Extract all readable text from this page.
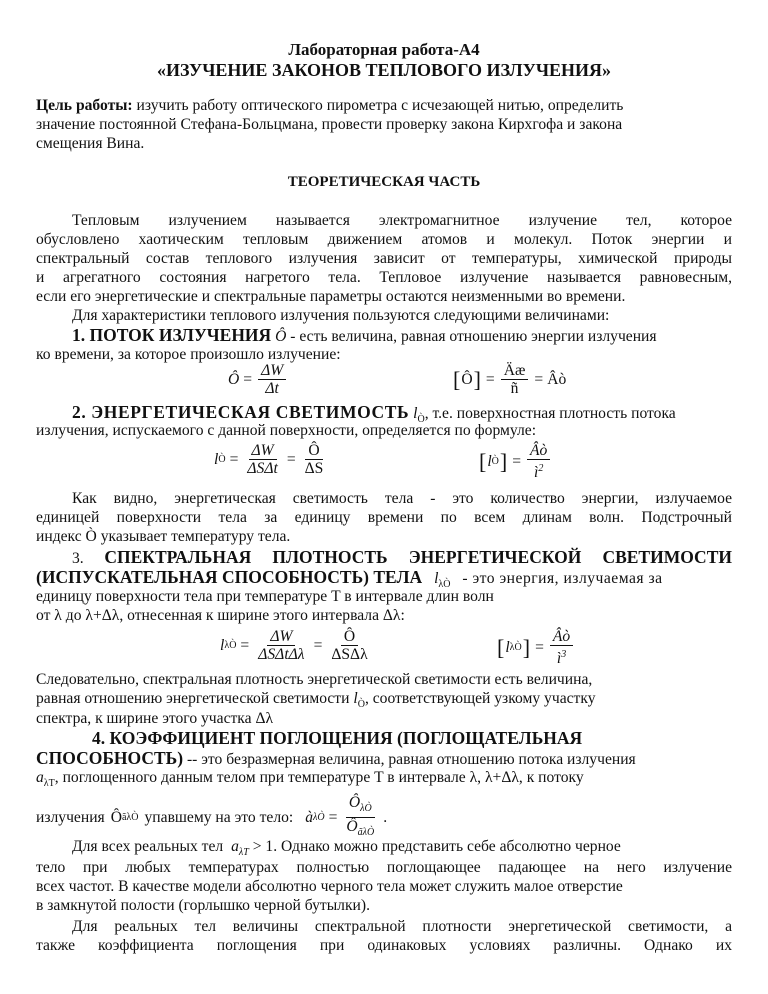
Лабораторная работа-А4
«ИЗУЧЕНИЕ ЗАКОНОВ ТЕПЛОВОГО ИЗЛУЧЕНИЯ»
Цель работы: изучить работу оптического пирометра с исчезающей нитью, определить
значение постоянной Стефана-Больцмана, провести проверку закона Кирхгофа и закона
смещения Вина.
ТЕОРЕТИЧЕСКАЯ ЧАСТЬ
Тепловым излучением называется электромагнитное излучение тел, которое
обусловлено хаотическим тепловым движением атомов и молекул. Поток энергии и
спектральный состав теплового излучения зависит от температуры, химической природы
и агрегатного состояния нагретого тела. Тепловое излучение называется равновесным,
если его энергетические и спектральные параметры остаются неизменными во времени.
Для характеристики теплового излучения пользуются следующими величинами:
1. ПОТОК ИЗЛУЧЕНИЯ Ô - есть величина, равная отношению энергии излучения
ко времени, за которое произошло излучение:
Ô = $\frac{\Delta W}{\Delta t}$	[ Ô ] = $\frac{Äæ}{ñ}$ = Âò
2. ЭНЕРГЕТИЧЕСКАЯ СВЕТИМОСТЬ $l_Ò$, т.е. поверхностная плотность потока
излучения, испускаемого с данной поверхности, определяется по формуле:
l Ò = $\frac{\Delta W}{\text{ΔSΔt}} = \frac{Ô}{\Delta S}$	[ l Ò ] = $\frac{Âò}{ì^2}$
Как видно, энергетическая светимость тела - это количество энергии, излучаемое
единицей поверхности тела за единицу времени по всем длинам волн. Подстрочный
индекс Ò указывает температуру тела.
3. СПЕКТРАЛЬНАЯ ПЛОТНОСТЬ ЭНЕРГЕТИЧЕСКОЙ СВЕТИМОСТИ
(ИСПУСКАТЕЛЬНАЯ СПОСОБНОСТЬ) ТЕЛА $l_{\lambda Ò}$ - это энергия, излучаемая за
единицу поверхности тела при температуре T в интервале длин волн
от λ до λ+Δλ, отнесенная к ширине этого интервала Δλ:
l λÒ = $\frac{\Delta W}{\text{ΔSΔtΔλ}} = \frac{Ô}{\text{ΔSΔλ}}$	[ l λÒ ] = $\frac{Âò}{ì^3}$
Следовательно, спектральная плотность энергетической светимости есть величина,
равная отношению энергетической светимости $l_Ò$, соответствующей узкому участку
спектра, к ширине этого участка Δλ
4. КОЭФФИЦИЕНТ ПОГЛОЩЕНИЯ (ПОГЛОЩАТЕЛЬНАЯ
СПОСОБНОСТЬ) -- это безразмерная величина, равная отношению потока излучения
$a_{\lambda T}$, поглощенного данным телом при температуре T в интервале λ, λ+Δλ, к потоку
излучения Ô ãλÒ упавшему на это тело: à λÒ = $\frac{Ô_{\lambda Ò}}{Ô_{ã\lambda Ò}}$ .
Для всех реальных тел $a_{\lambda T} > 1$. Однако можно представить себе абсолютно черное
тело при любых температурах полностью поглощающее падающее на него излучение
всех частот. В качестве модели абсолютно черного тела может служить малое отверстие
в замкнутой полости (горлышко черной бутылки).
Для реальных тел величины спектральной плотности энергетической светимости, а
также коэффициента поглощения при одинаковых условиях различны. Однако их
